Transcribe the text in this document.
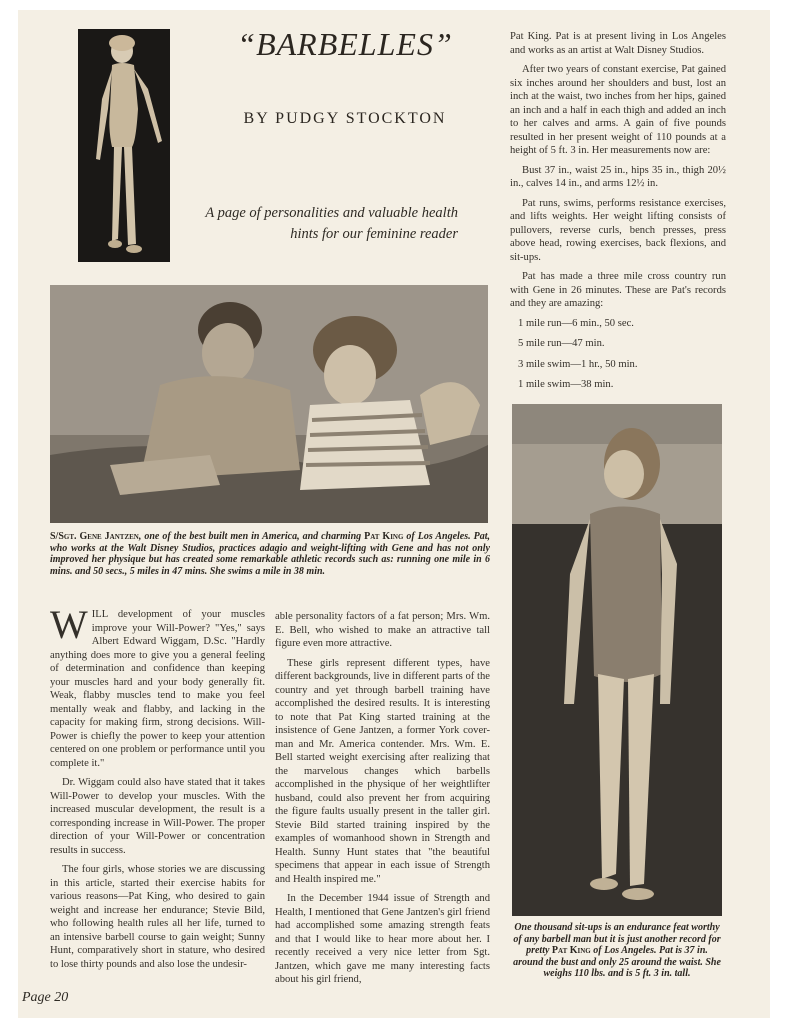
“BARBELLES”
BY PUDGY STOCKTON
A page of personalities and valuable health hints for our feminine reader
S/Sgt. Gene Jantzen, one of the best built men in America, and charming Pat King of Los Angeles. Pat, who works at the Walt Disney Studios, practices adagio and weight-lifting with Gene and has not only improved her physique but has created some remarkable athletic records such as: running one mile in 6 mins. and 50 secs., 5 miles in 47 mins. She swims a mile in 38 min.

WILL development of your muscles improve your Will-Power? "Yes," says Albert Edward Wiggam, D.Sc. "Hardly anything does more to give you a general feeling of determination and confidence than keeping your muscles hard and your body generally fit. Weak, flabby muscles tend to make you feel mentally weak and flabby, and lacking in the capacity for making firm, strong decisions. Will-Power is chiefly the power to keep your attention centered on one problem or performance until you complete it."

Dr. Wiggam could also have stated that it takes Will-Power to develop your muscles. With the increased muscular development, the result is a corresponding increase in Will-Power. The proper direction of your Will-Power or concentration results in success.

The four girls, whose stories we are discussing in this article, started their exercise habits for various reasons—Pat King, who desired to gain weight and increase her endurance; Stevie Bild, who following health rules all her life, turned to an intensive barbell course to gain weight; Sunny Hunt, comparatively short in stature, who desired to lose thirty pounds and also lose the undesir-

able personality factors of a fat person; Mrs. Wm. E. Bell, who wished to make an attractive tall figure even more attractive.

These girls represent different types, have different backgrounds, live in different parts of the country and yet through barbell training have accomplished the desired results. It is interesting to note that Pat King started training at the insistence of Gene Jantzen, a former York cover-man and Mr. America contender. Mrs. Wm. E. Bell started weight exercising after realizing that the marvelous changes which barbells accomplished in the physique of her weightlifter husband, could also prevent her from acquiring the figure faults usually present in the taller girl. Stevie Bild started training inspired by the examples of womanhood shown in Strength and Health. Sunny Hunt states that "the beautiful specimens that appear in each issue of Strength and Health inspired me."

In the December 1944 issue of Strength and Health, I mentioned that Gene Jantzen's girl friend had accomplished some amazing strength feats and that I would like to hear more about her. I recently received a very nice letter from Sgt. Jantzen, which gave me many interesting facts about his girl friend,

Pat King. Pat is at present living in Los Angeles and works as an artist at Walt Disney Studios.

After two years of constant exercise, Pat gained six inches around her shoulders and bust, lost an inch at the waist, two inches from her hips, gained an inch and a half in each thigh and added an inch to her calves and arms. A gain of five pounds resulted in her present weight of 110 pounds at a height of 5 ft. 3 in. Her measurements now are:

Bust 37 in., waist 25 in., hips 35 in., thigh 20½ in., calves 14 in., and arms 12½ in.

Pat runs, swims, performs resistance exercises, and lifts weights. Her weight lifting consists of pullovers, reverse curls, bench presses, press above head, rowing exercises, back flexions, and sit-ups.

Pat has made a three mile cross country run with Gene in 26 minutes. These are Pat's records and they are amazing:

1 mile run—6 min., 50 sec.

5 mile run—47 min.

3 mile swim—1 hr., 50 min.

1 mile swim—38 min.

One thousand sit-ups is an endurance feat worthy of any barbell man but it is just another record for pretty Pat King of Los Angeles. Pat is 37 in. around the bust and only 25 around the waist. She weighs 110 lbs. and is 5 ft. 3 in. tall.
Page 20
